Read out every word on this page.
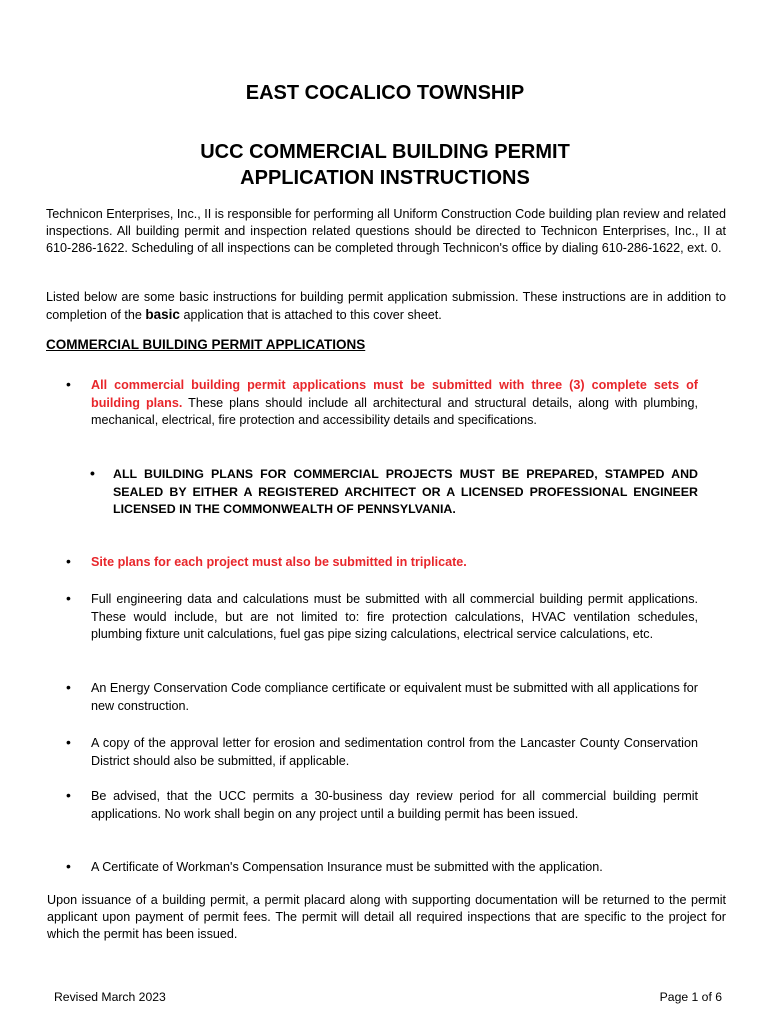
EAST COCALICO TOWNSHIP
UCC COMMERCIAL BUILDING PERMIT
APPLICATION INSTRUCTIONS
Technicon Enterprises, Inc., II is responsible for performing all Uniform Construction Code building plan review and related inspections. All building permit and inspection related questions should be directed to Technicon Enterprises, Inc., II at 610-286-1622. Scheduling of all inspections can be completed through Technicon's office by dialing 610-286-1622, ext. 0.
Listed below are some basic instructions for building permit application submission. These instructions are in addition to completion of the basic application that is attached to this cover sheet.
COMMERCIAL BUILDING PERMIT APPLICATIONS
• All commercial building permit applications must be submitted with three (3) complete sets of building plans. These plans should include all architectural and structural details, along with plumbing, mechanical, electrical, fire protection and accessibility details and specifications.
• ALL BUILDING PLANS FOR COMMERCIAL PROJECTS MUST BE PREPARED, STAMPED AND SEALED BY EITHER A REGISTERED ARCHITECT OR A LICENSED PROFESSIONAL ENGINEER LICENSED IN THE COMMONWEALTH OF PENNSYLVANIA.
• Site plans for each project must also be submitted in triplicate.
• Full engineering data and calculations must be submitted with all commercial building permit applications. These would include, but are not limited to: fire protection calculations, HVAC ventilation schedules, plumbing fixture unit calculations, fuel gas pipe sizing calculations, electrical service calculations, etc.
• An Energy Conservation Code compliance certificate or equivalent must be submitted with all applications for new construction.
• A copy of the approval letter for erosion and sedimentation control from the Lancaster County Conservation District should also be submitted, if applicable.
• Be advised, that the UCC permits a 30-business day review period for all commercial building permit applications. No work shall begin on any project until a building permit has been issued.
• A Certificate of Workman's Compensation Insurance must be submitted with the application.
Upon issuance of a building permit, a permit placard along with supporting documentation will be returned to the permit applicant upon payment of permit fees. The permit will detail all required inspections that are specific to the project for which the permit has been issued.
Revised March 2023	Page 1 of 6
